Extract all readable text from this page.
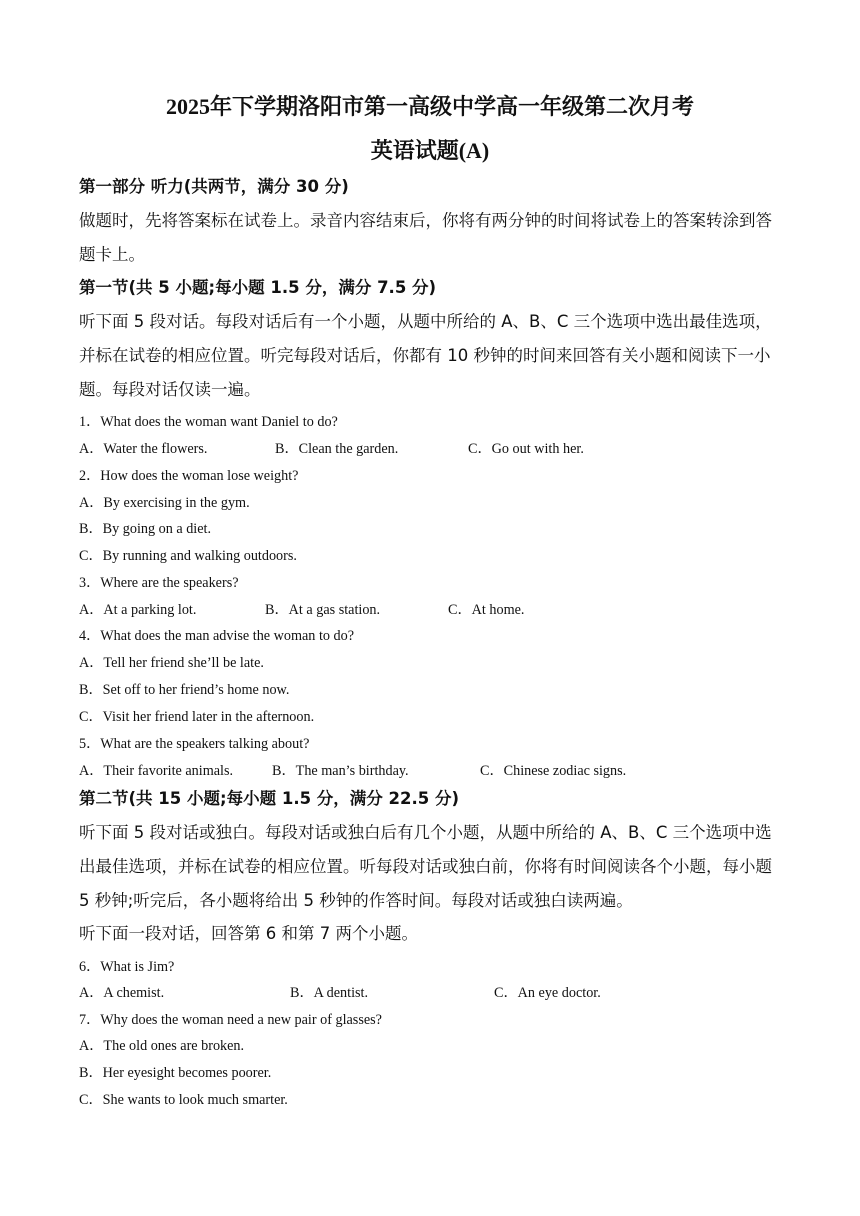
2025年下学期洛阳市第一高级中学高一年级第二次月考
英语试题(A)
第一部分 听力(共两节，满分 30 分)
做题时，先将答案标在试卷上。录音内容结束后，你将有两分钟的时间将试卷上的答案转涂到答题卡上。
第一节(共 5 小题;每小题 1.5 分，满分 7.5 分)
听下面 5 段对话。每段对话后有一个小题，从题中所给的 A、B、C 三个选项中选出最佳选项，并标在试卷的相应位置。听完每段对话后，你都有 10 秒钟的时间来回答有关小题和阅读下一小题。每段对话仅读一遍。
1．What does the woman want Daniel to do?
A．Water the flowers.	B．Clean the garden.	C．Go out with her.
2．How does the woman lose weight?
A．By exercising in the gym.
B．By going on a diet.
C．By running and walking outdoors.
3．Where are the speakers?
A．At a parking lot.	B．At a gas station.	C．At home.
4．What does the man advise the woman to do?
A．Tell her friend she’ll be late.
B．Set off to her friend’s home now.
C．Visit her friend later in the afternoon.
5．What are the speakers talking about?
A．Their favorite animals.	B．The man’s birthday.	C．Chinese zodiac signs.
第二节(共 15 小题;每小题 1.5 分，满分 22.5 分)
听下面 5 段对话或独白。每段对话或独白后有几个小题，从题中所给的 A、B、C 三个选项中选出最佳选项，并标在试卷的相应位置。听每段对话或独白前，你将有时间阅读各个小题，每小题 5 秒钟;听完后，各小题将给出 5 秒钟的作答时间。每段对话或独白读两遍。
听下面一段对话，回答第 6 和第 7 两个小题。
6．What is Jim?
A．A chemist.	B．A dentist.	C．An eye doctor.
7．Why does the woman need a new pair of glasses?
A．The old ones are broken.
B．Her eyesight becomes poorer.
C．She wants to look much smarter.
